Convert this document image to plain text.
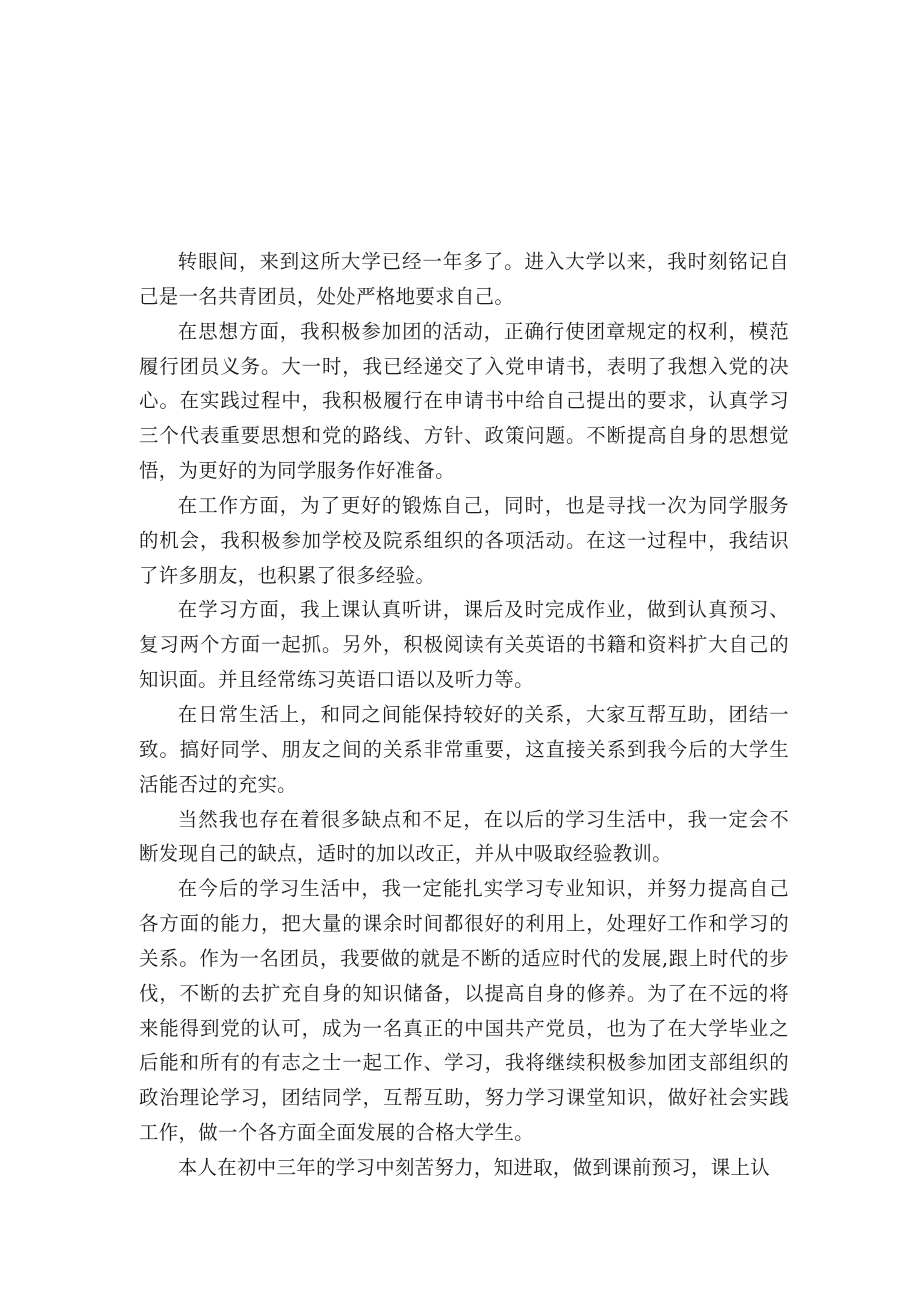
转眼间，来到这所大学已经一年多了。进入大学以来，我时刻铭记自己是一名共青团员，处处严格地要求自己。

在思想方面，我积极参加团的活动，正确行使团章规定的权利，模范履行团员义务。大一时，我已经递交了入党申请书，表明了我想入党的决心。在实践过程中，我积极履行在申请书中给自己提出的要求，认真学习三个代表重要思想和党的路线、方针、政策问题。不断提高自身的思想觉悟，为更好的为同学服务作好准备。

在工作方面，为了更好的锻炼自己，同时，也是寻找一次为同学服务的机会，我积极参加学校及院系组织的各项活动。在这一过程中，我结识了许多朋友，也积累了很多经验。

在学习方面，我上课认真听讲，课后及时完成作业，做到认真预习、复习两个方面一起抓。另外，积极阅读有关英语的书籍和资料扩大自己的知识面。并且经常练习英语口语以及听力等。

在日常生活上，和同之间能保持较好的关系，大家互帮互助，团结一致。搞好同学、朋友之间的关系非常重要，这直接关系到我今后的大学生活能否过的充实。

当然我也存在着很多缺点和不足，在以后的学习生活中，我一定会不断发现自己的缺点，适时的加以改正，并从中吸取经验教训。

在今后的学习生活中，我一定能扎实学习专业知识，并努力提高自己各方面的能力，把大量的课余时间都很好的利用上，处理好工作和学习的关系。作为一名团员，我要做的就是不断的适应时代的发展,跟上时代的步伐，不断的去扩充自身的知识储备，以提高自身的修养。为了在不远的将来能得到党的认可，成为一名真正的中国共产党员，也为了在大学毕业之后能和所有的有志之士一起工作、学习，我将继续积极参加团支部组织的政治理论学习，团结同学，互帮互助，努力学习课堂知识，做好社会实践工作，做一个各方面全面发展的合格大学生。

本人在初中三年的学习中刻苦努力，知进取，做到课前预习，课上认
